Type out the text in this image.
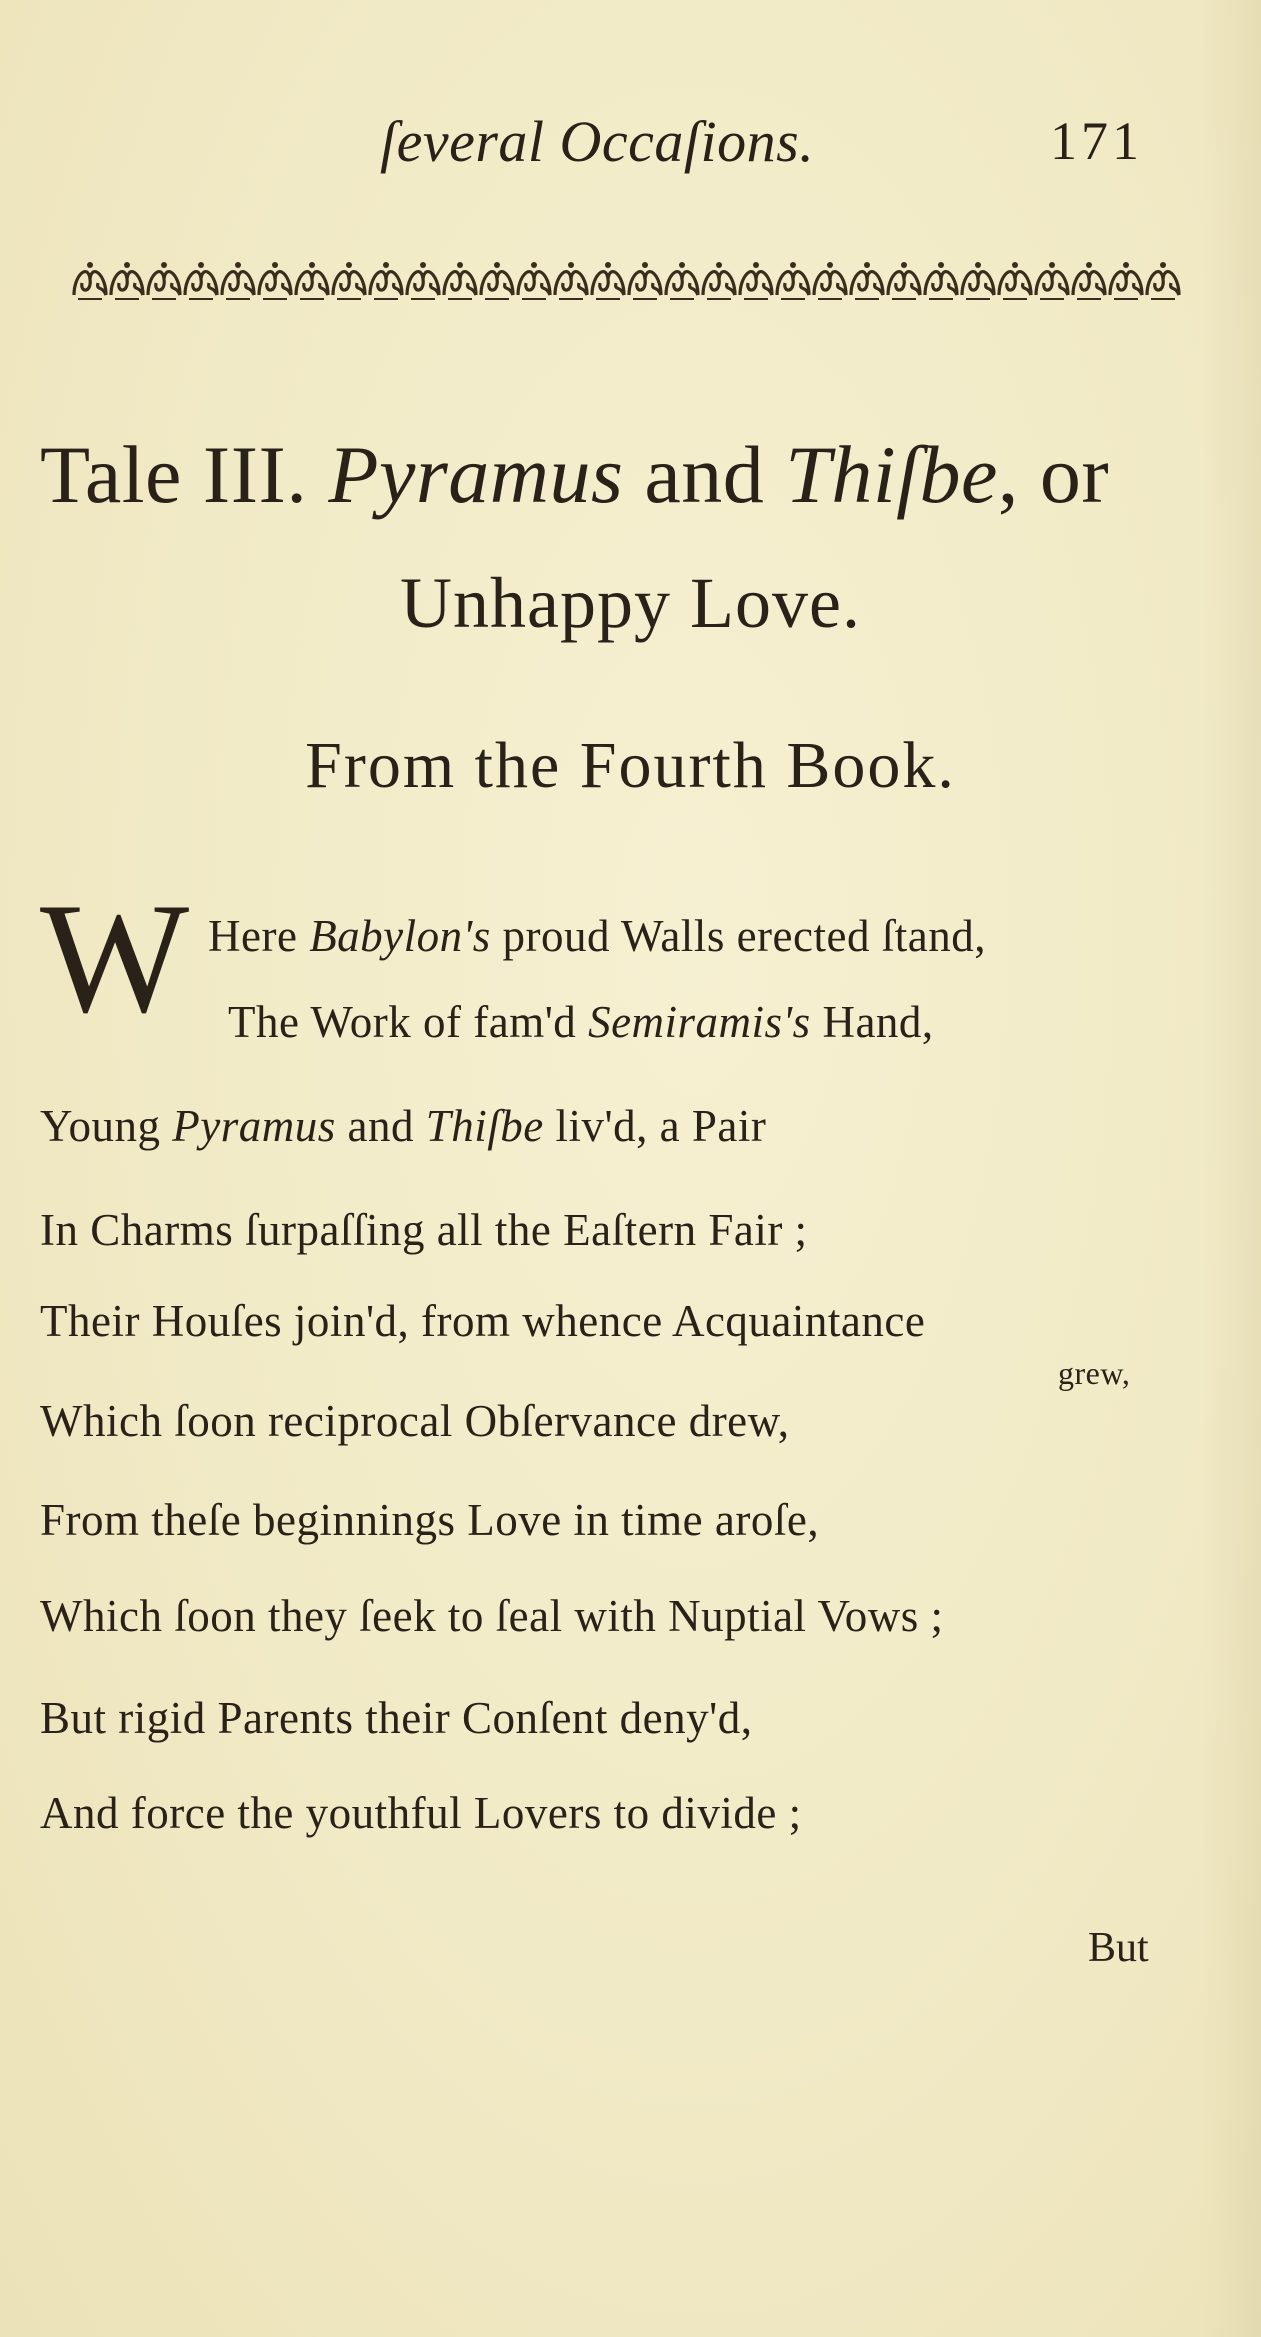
ſeveral Occaſions.	171
Tale III. Pyramus and Thiſbe, or
Unhappy Love.
From the Fourth Book.
W Here Babylon's proud Walls erected ſtand,
The Work of fam'd Semiramis's Hand,
Young Pyramus and Thiſbe liv'd, a Pair
In Charms ſurpaſſing all the Eaſtern Fair ;
Their Houſes join'd, from whence Acquaintance
grew,
Which ſoon reciprocal Obſervance drew,
From theſe beginnings Love in time aroſe,
Which ſoon they ſeek to ſeal with Nuptial Vows ;
But rigid Parents their Conſent deny'd,
And force the youthful Lovers to divide ;
But
